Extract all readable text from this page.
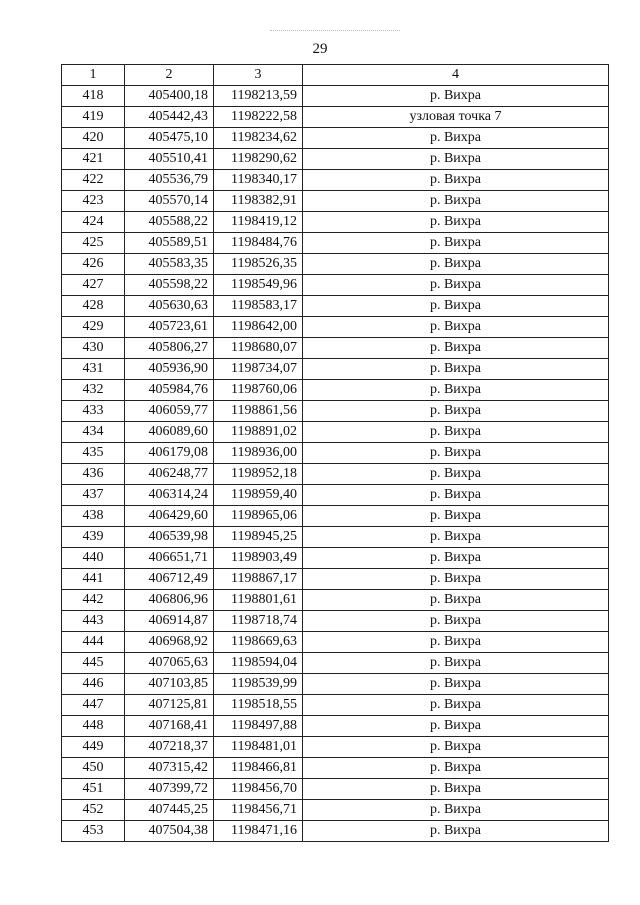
29
1	2	3	4
418	405400,18	1198213,59	р. Вихра
419	405442,43	1198222,58	узловая точка 7
420	405475,10	1198234,62	р. Вихра
421	405510,41	1198290,62	р. Вихра
422	405536,79	1198340,17	р. Вихра
423	405570,14	1198382,91	р. Вихра
424	405588,22	1198419,12	р. Вихра
425	405589,51	1198484,76	р. Вихра
426	405583,35	1198526,35	р. Вихра
427	405598,22	1198549,96	р. Вихра
428	405630,63	1198583,17	р. Вихра
429	405723,61	1198642,00	р. Вихра
430	405806,27	1198680,07	р. Вихра
431	405936,90	1198734,07	р. Вихра
432	405984,76	1198760,06	р. Вихра
433	406059,77	1198861,56	р. Вихра
434	406089,60	1198891,02	р. Вихра
435	406179,08	1198936,00	р. Вихра
436	406248,77	1198952,18	р. Вихра
437	406314,24	1198959,40	р. Вихра
438	406429,60	1198965,06	р. Вихра
439	406539,98	1198945,25	р. Вихра
440	406651,71	1198903,49	р. Вихра
441	406712,49	1198867,17	р. Вихра
442	406806,96	1198801,61	р. Вихра
443	406914,87	1198718,74	р. Вихра
444	406968,92	1198669,63	р. Вихра
445	407065,63	1198594,04	р. Вихра
446	407103,85	1198539,99	р. Вихра
447	407125,81	1198518,55	р. Вихра
448	407168,41	1198497,88	р. Вихра
449	407218,37	1198481,01	р. Вихра
450	407315,42	1198466,81	р. Вихра
451	407399,72	1198456,70	р. Вихра
452	407445,25	1198456,71	р. Вихра
453	407504,38	1198471,16	р. Вихра
